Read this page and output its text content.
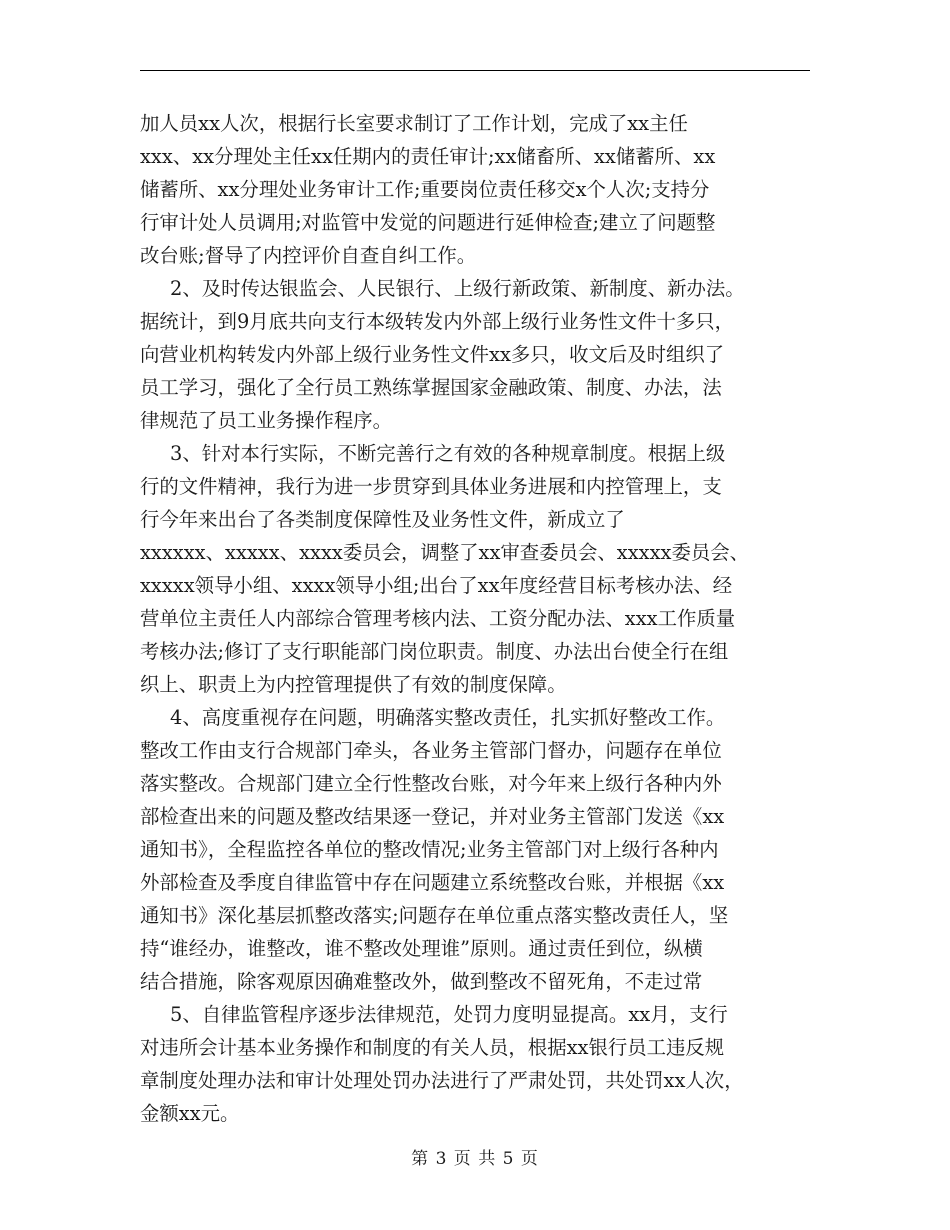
加人员xx人次，根据行长室要求制订了工作计划，完成了xx主任
xxx、xx分理处主任xx任期内的责任审计;xx储畜所、xx储蓄所、xx
储蓄所、xx分理处业务审计工作;重要岗位责任移交x个人次;支持分
行审计处人员调用;对监管中发觉的问题进行延伸检查;建立了问题整
改台账;督导了内控评价自查自纠工作。
2、及时传达银监会、人民银行、上级行新政策、新制度、新办法。
据统计，到9月底共向支行本级转发内外部上级行业务性文件十多只，
向营业机构转发内外部上级行业务性文件xx多只，收文后及时组织了
员工学习，强化了全行员工熟练掌握国家金融政策、制度、办法，法
律规范了员工业务操作程序。
3、针对本行实际，不断完善行之有效的各种规章制度。根据上级
行的文件精神，我行为进一步贯穿到具体业务进展和内控管理上，支
行今年来出台了各类制度保障性及业务性文件，新成立了
xxxxxx、xxxxx、xxxx委员会，调整了xx审查委员会、xxxxx委员会、
xxxxx领导小组、xxxx领导小组;出台了xx年度经营目标考核办法、经
营单位主责任人内部综合管理考核内法、工资分配办法、xxx工作质量
考核办法;修订了支行职能部门岗位职责。制度、办法出台使全行在组
织上、职责上为内控管理提供了有效的制度保障。
4、高度重视存在问题，明确落实整改责任，扎实抓好整改工作。
整改工作由支行合规部门牵头，各业务主管部门督办，问题存在单位
落实整改。合规部门建立全行性整改台账，对今年来上级行各种内外
部检查出来的问题及整改结果逐一登记，并对业务主管部门发送《xx
通知书》，全程监控各单位的整改情况;业务主管部门对上级行各种内
外部检查及季度自律监管中存在问题建立系统整改台账，并根据《xx
通知书》深化基层抓整改落实;问题存在单位重点落实整改责任人，坚
持“谁经办，谁整改，谁不整改处理谁”原则。通过责任到位，纵横
结合措施，除客观原因确难整改外，做到整改不留死角，不走过常
5、自律监管程序逐步法律规范，处罚力度明显提高。xx月，支行
对违所会计基本业务操作和制度的有关人员，根据xx银行员工违反规
章制度处理办法和审计处理处罚办法进行了严肃处罚，共处罚xx人次，
金额xx元。
第 3 页 共 5 页
